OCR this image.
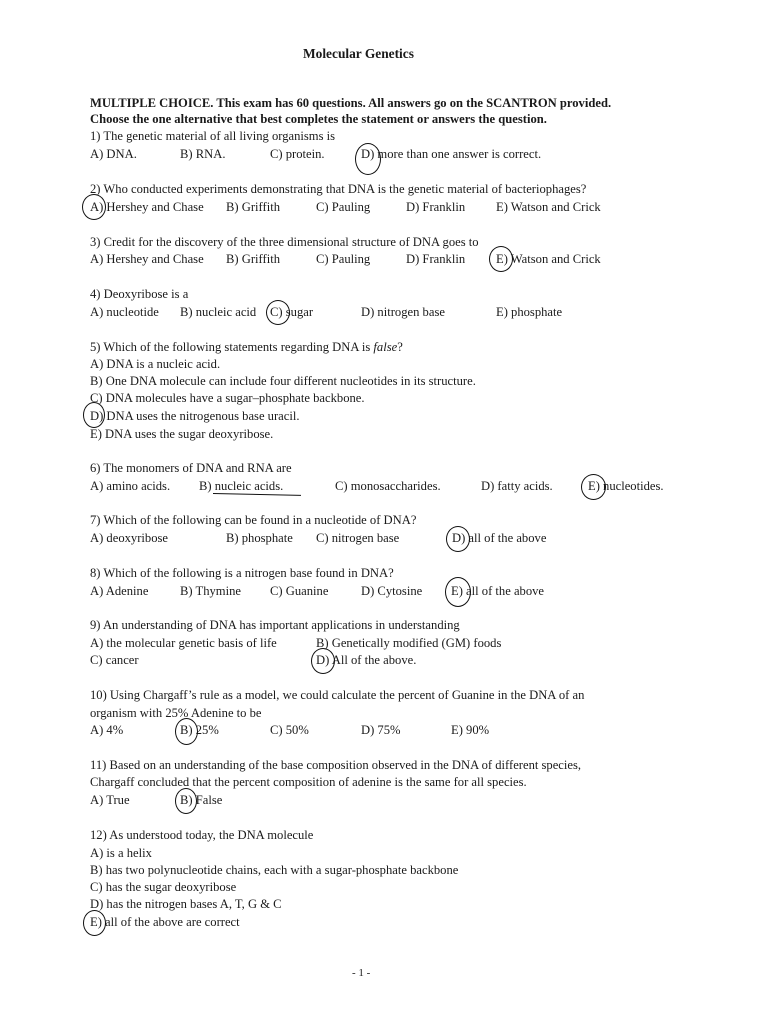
Molecular Genetics
MULTIPLE CHOICE. This exam has 60 questions. All answers go on the SCANTRON provided.
Choose the one alternative that best completes the statement or answers the question.
1) The genetic material of all living organisms is
A) DNA.	B) RNA.	C) protein.	D) more than one answer is correct.
2) Who conducted experiments demonstrating that DNA is the genetic material of bacteriophages?
A) Hershey and Chase B) Griffith	C) Pauling	D) Franklin E) Watson and Crick
3) Credit for the discovery of the three dimensional structure of DNA goes to
A) Hershey and Chase B) Griffith	C) Pauling	D) Franklin E) Watson and Crick
4) Deoxyribose is a
A) nucleotide B) nucleic acid C) sugar	D) nitrogen base	E) phosphate
5) Which of the following statements regarding DNA is false?
A) DNA is a nucleic acid.
B) One DNA molecule can include four different nucleotides in its structure.
C) DNA molecules have a sugar–phosphate backbone.
D) DNA uses the nitrogenous base uracil.
E) DNA uses the sugar deoxyribose.
6) The monomers of DNA and RNA are
A) amino acids. B) nucleic acids.	C) monosaccharides.	D) fatty acids.	E) nucleotides.
7) Which of the following can be found in a nucleotide of DNA?
A) deoxyribose	B) phosphate C) nitrogen base	D) all of the above
8) Which of the following is a nitrogen base found in DNA?
A) Adenine	B) Thymine C) Guanine	D) Cytosine E) all of the above
9) An understanding of DNA has important applications in understanding
A) the molecular genetic basis of life	B) Genetically modified (GM) foods
C) cancer	D) All of the above.
10) Using Chargaff’s rule as a model, we could calculate the percent of Guanine in the DNA of an
organism with 25% Adenine to be
A) 4%	B) 25%	C) 50%	D) 75%	E) 90%
11) Based on an understanding of the base composition observed in the DNA of different species,
Chargaff concluded that the percent composition of adenine is the same for all species.
A) True	B) False
12) As understood today, the DNA molecule
A) is a helix
B) has two polynucleotide chains, each with a sugar-phosphate backbone
C) has the sugar deoxyribose
D) has the nitrogen bases A, T, G & C
E) all of the above are correct
- 1 -
